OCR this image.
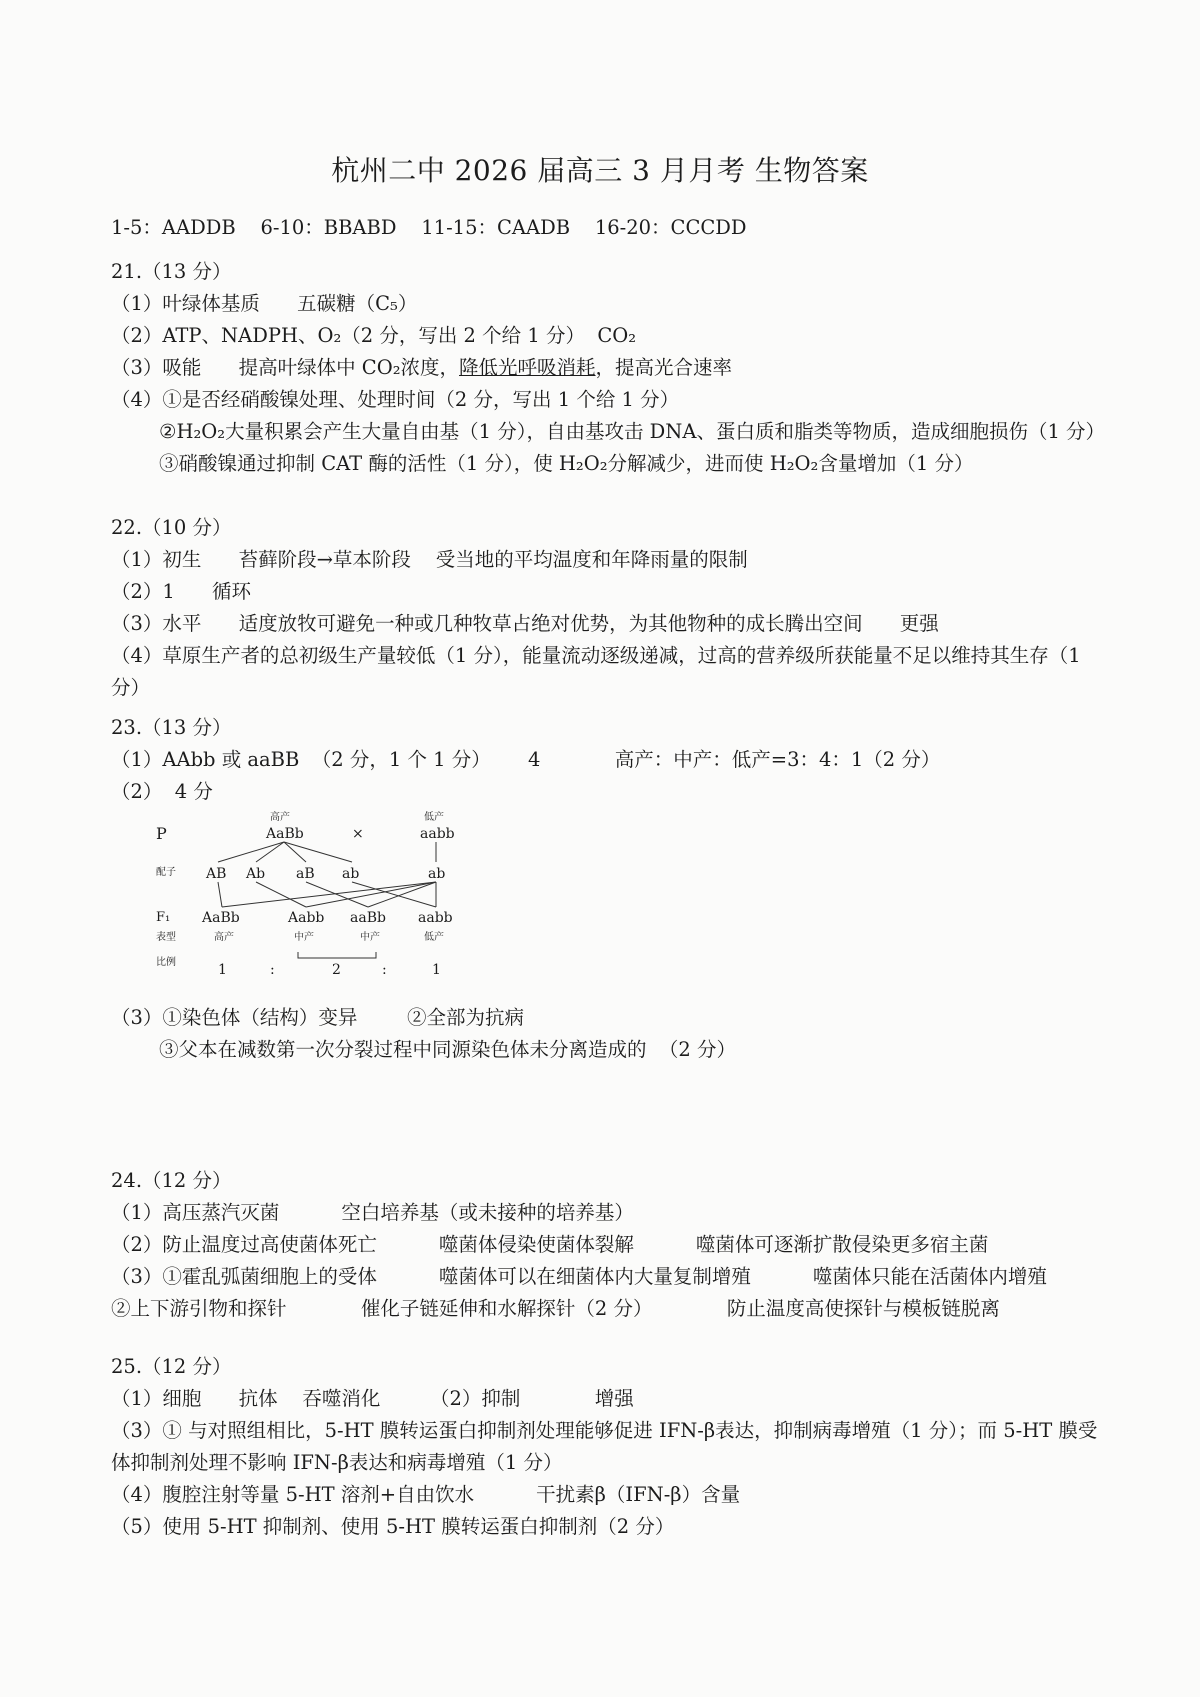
杭州二中 2026 届高三 3 月月考 生物答案
1-5：AADDB    6-10：BBABD    11-15：CAADB    16-20：CCCDD
21.（13 分）
（1）叶绿体基质      五碳糖（C₅）
（2）ATP、NADPH、O₂（2 分，写出 2 个给 1 分）  CO₂
（3）吸能      提高叶绿体中 CO₂浓度，降低光呼吸消耗，提高光合速率
（4）①是否经硝酸镍处理、处理时间（2 分，写出 1 个给 1 分）
②H₂O₂大量积累会产生大量自由基（1 分），自由基攻击 DNA、蛋白质和脂类等物质，造成细胞损伤（1 分）
③硝酸镍通过抑制 CAT 酶的活性（1 分），使 H₂O₂分解减少，进而使 H₂O₂含量增加（1 分）
22.（10 分）
（1）初生      苔藓阶段→草本阶段    受当地的平均温度和年降雨量的限制
（2）1      循环
（3）水平      适度放牧可避免一种或几种牧草占绝对优势，为其他物种的成长腾出空间      更强
（4）草原生产者的总初级生产量较低（1 分），能量流动逐级递减，过高的营养级所获能量不足以维持其生存（1 分）
23.（13 分）
（1）AAbb 或 aaBB  （2 分，1 个 1 分）      4            高产：中产：低产=3：4：1（2 分）
（2）  4 分
P
高产
AaBb	×
低产
aabb
配子 AB Ab aB ab	ab
F₁ AaBb	Aabb aaBb aabb
表型	高产	中产	中产	低产
比例	1	:	2	:	1
（3）①染色体（结构）变异        ②全部为抗病
③父本在减数第一次分裂过程中同源染色体未分离造成的  （2 分）
24.（12 分）
（1）高压蒸汽灭菌          空白培养基（或未接种的培养基）
（2）防止温度过高使菌体死亡          噬菌体侵染使菌体裂解          噬菌体可逐渐扩散侵染更多宿主菌
（3）①霍乱弧菌细胞上的受体          噬菌体可以在细菌体内大量复制增殖          噬菌体只能在活菌体内增殖
②上下游引物和探针            催化子链延伸和水解探针（2 分）            防止温度高使探针与模板链脱离
25.（12 分）
（1）细胞      抗体    吞噬消化        （2）抑制            增强
（3）① 与对照组相比，5-HT 膜转运蛋白抑制剂处理能够促进 IFN-β表达，抑制病毒增殖（1 分）；而 5-HT 膜受体抑制剂处理不影响 IFN-β表达和病毒增殖（1 分）
（4）腹腔注射等量 5-HT 溶剂+自由饮水          干扰素β（IFN-β）含量
（5）使用 5-HT 抑制剂、使用 5-HT 膜转运蛋白抑制剂（2 分）
